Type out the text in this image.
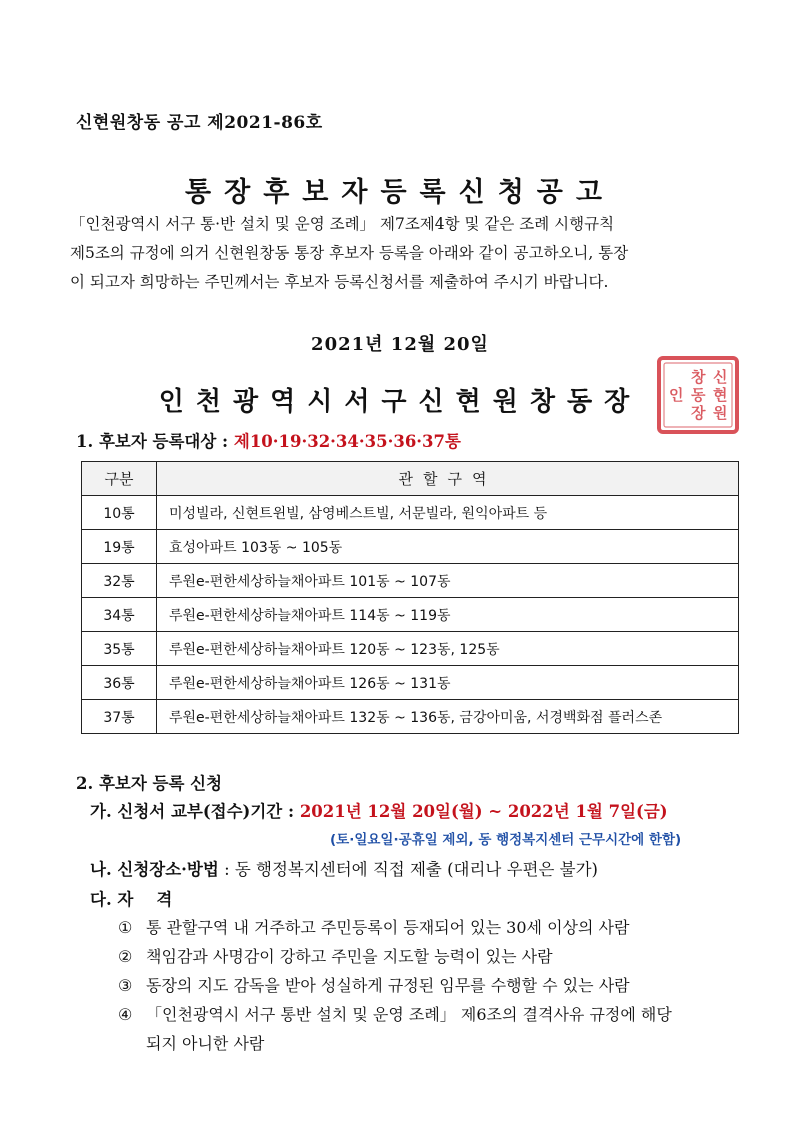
신현원창동 공고 제2021-86호
통장후보자등록신청공고
「인천광역시 서구 통·반 설치 및 운영 조례」 제7조제4항 및 같은 조례 시행규칙
제5조의 규정에 의거 신현원창동 통장 후보자 등록을 아래와 같이 공고하오니, 통장
이 되고자 희망하는 주민께서는 후보자 등록신청서를 제출하여 주시기 바랍니다.
2021년 12월 20일
인천광역시서구신현원창동장
신
현
원
창
동
장
인
1. 후보자 등록대상 : 제10·19·32·34·35·36·37통
구분	관할구역
10통	미성빌라, 신현트윈빌, 삼영베스트빌, 서문빌라, 원익아파트 등
19통	효성아파트 103동 ~ 105동
32통	루원e-편한세상하늘채아파트 101동 ~ 107동
34통	루원e-편한세상하늘채아파트 114동 ~ 119동
35통	루원e-편한세상하늘채아파트 120동 ~ 123동, 125동
36통	루원e-편한세상하늘채아파트 126동 ~ 131동
37통	루원e-편한세상하늘채아파트 132동 ~ 136동, 금강아미움, 서경백화점 플러스존
2. 후보자 등록 신청
가. 신청서 교부(접수)기간 : 2021년 12월 20일(월) ~ 2022년 1월 7일(금)
(토·일요일·공휴일 제외, 동 행정복지센터 근무시간에 한함)
나. 신청장소·방법 : 동 행정복지센터에 직접 제출 (대리나 우편은 불가)
다. 자    격
① 통 관할구역 내 거주하고 주민등록이 등재되어 있는 30세 이상의 사람
② 책임감과 사명감이 강하고 주민을 지도할 능력이 있는 사람
③ 동장의 지도 감독을 받아 성실하게 규정된 임무를 수행할 수 있는 사람
④ 「인천광역시 서구 통반 설치 및 운영 조례」 제6조의 결격사유 규정에 해당
되지 아니한 사람
